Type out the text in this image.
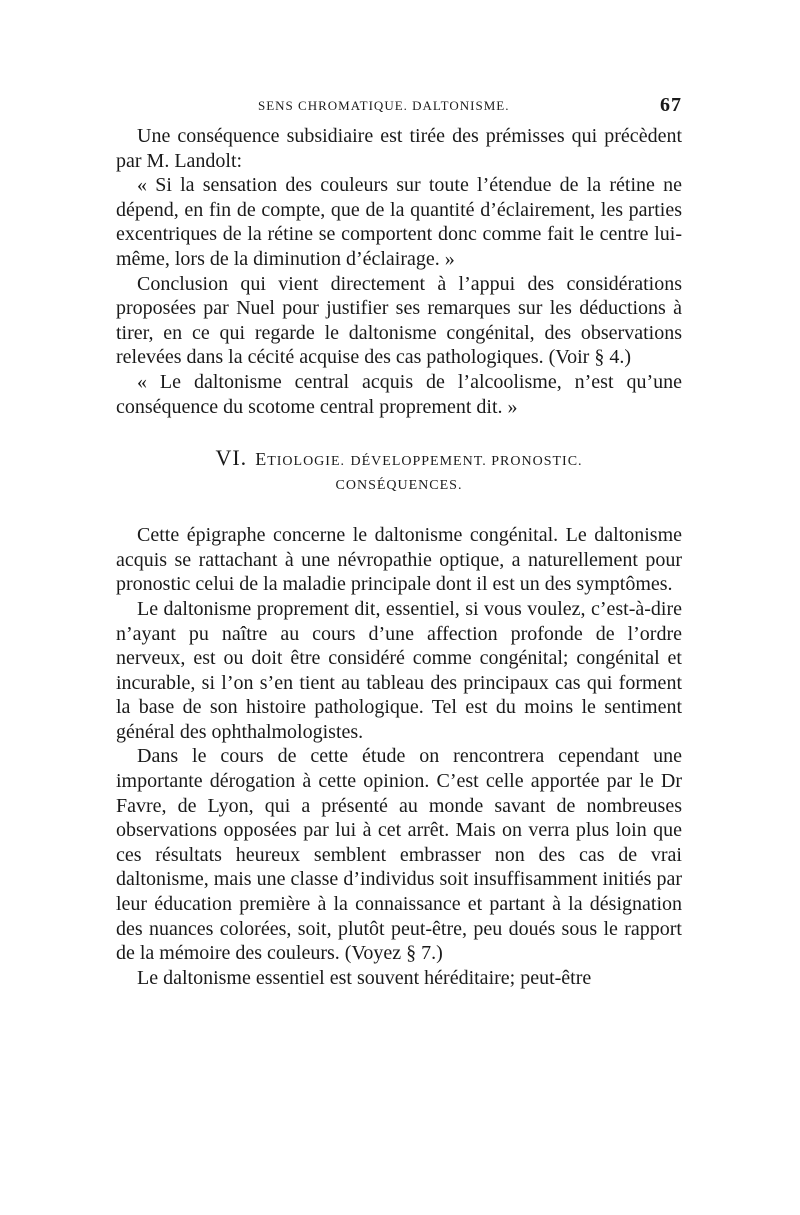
SENS CHROMATIQUE. DALTONISME.	67

Une conséquence subsidiaire est tirée des prémisses qui précèdent par M. Landolt:

« Si la sensation des couleurs sur toute l’étendue de la rétine ne dépend, en fin de compte, que de la quantité d’éclairement, les parties excentriques de la rétine se comportent donc comme fait le centre lui-même, lors de la diminution d’éclairage. »

Conclusion qui vient directement à l’appui des considérations proposées par Nuel pour justifier ses remarques sur les déductions à tirer, en ce qui regarde le daltonisme congénital, des observations relevées dans la cécité acquise des cas pathologiques. (Voir § 4.)

« Le daltonisme central acquis de l’alcoolisme, n’est qu’une conséquence du scotome central proprement dit. »

VI. ETIOLOGIE. DÉVELOPPEMENT. PRONOSTIC.
CONSÉQUENCES.

Cette épigraphe concerne le daltonisme congénital. Le daltonisme acquis se rattachant à une névropathie optique, a naturellement pour pronostic celui de la maladie principale dont il est un des symptômes.

Le daltonisme proprement dit, essentiel, si vous voulez, c’est-à-dire n’ayant pu naître au cours d’une affection profonde de l’ordre nerveux, est ou doit être considéré comme congénital; congénital et incurable, si l’on s’en tient au tableau des principaux cas qui forment la base de son histoire pathologique. Tel est du moins le sentiment général des ophthalmologistes.

Dans le cours de cette étude on rencontrera cependant une importante dérogation à cette opinion. C’est celle apportée par le Dr Favre, de Lyon, qui a présenté au monde savant de nombreuses observations opposées par lui à cet arrêt. Mais on verra plus loin que ces résultats heureux semblent embrasser non des cas de vrai daltonisme, mais une classe d’individus soit insuffisamment initiés par leur éducation première à la connaissance et partant à la désignation des nuances colorées, soit, plutôt peut-être, peu doués sous le rapport de la mémoire des couleurs. (Voyez § 7.)

Le daltonisme essentiel est souvent héréditaire; peut-être
